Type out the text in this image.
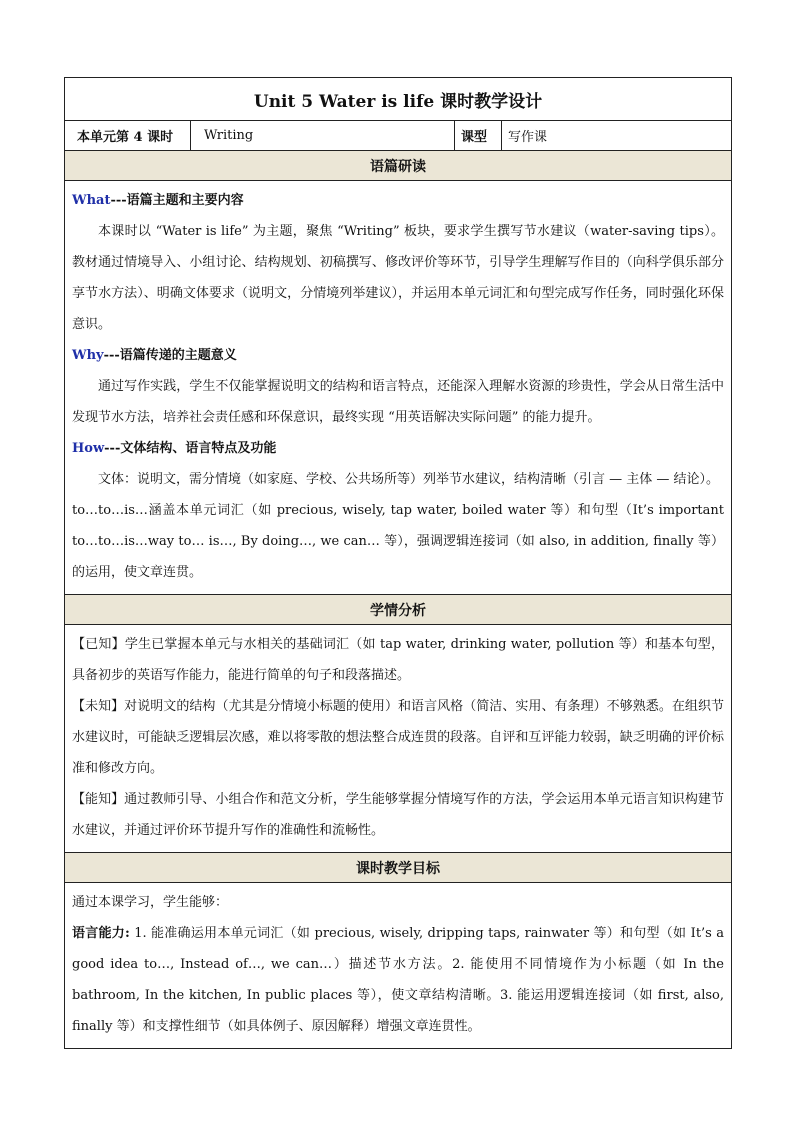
Unit 5 Water is life 课时教学设计
本单元第 4 课时	Writing	课型	写作课
语篇研读

What---语篇主题和主要内容

本课时以 “Water is life” 为主题，聚焦 “Writing” 板块，要求学生撰写节水建议（water-saving tips）。教材通过情境导入、小组讨论、结构规划、初稿撰写、修改评价等环节，引导学生理解写作目的（向科学俱乐部分享节水方法）、明确文体要求（说明文，分情境列举建议），并运用本单元词汇和句型完成写作任务，同时强化环保意识。

Why---语篇传递的主题意义

通过写作实践，学生不仅能掌握说明文的结构和语言特点，还能深入理解水资源的珍贵性，学会从日常生活中发现节水方法，培养社会责任感和环保意识，最终实现 “用英语解决实际问题” 的能力提升。

How---文体结构、语言特点及功能

文体：说明文，需分情境（如家庭、学校、公共场所等）列举节水建议，结构清晰（引言 — 主体 — 结论）。

to…to…is…涵盖本单元词汇（如 precious, wisely, tap water, boiled water 等）和句型（It’s important to…to…is…way to… is…, By doing…, we can… 等），强调逻辑连接词（如 also, in addition, finally 等）的运用，使文章连贯。

学情分析

【已知】学生已掌握本单元与水相关的基础词汇（如 tap water, drinking water, pollution 等）和基本句型，具备初步的英语写作能力，能进行简单的句子和段落描述。

【未知】对说明文的结构（尤其是分情境小标题的使用）和语言风格（简洁、实用、有条理）不够熟悉。在组织节水建议时，可能缺乏逻辑层次感，难以将零散的想法整合成连贯的段落。自评和互评能力较弱，缺乏明确的评价标准和修改方向。

【能知】通过教师引导、小组合作和范文分析，学生能够掌握分情境写作的方法，学会运用本单元语言知识构建节水建议，并通过评价环节提升写作的准确性和流畅性。

课时教学目标

通过本课学习，学生能够：

语言能力: 1. 能准确运用本单元词汇（如 precious, wisely, dripping taps, rainwater 等）和句型（如 It’s a good idea to…, Instead of…, we can…）描述节水方法。2. 能使用不同情境作为小标题（如 In the bathroom, In the kitchen, In public places 等），使文章结构清晰。3. 能运用逻辑连接词（如 first, also, finally 等）和支撑性细节（如具体例子、原因解释）增强文章连贯性。
